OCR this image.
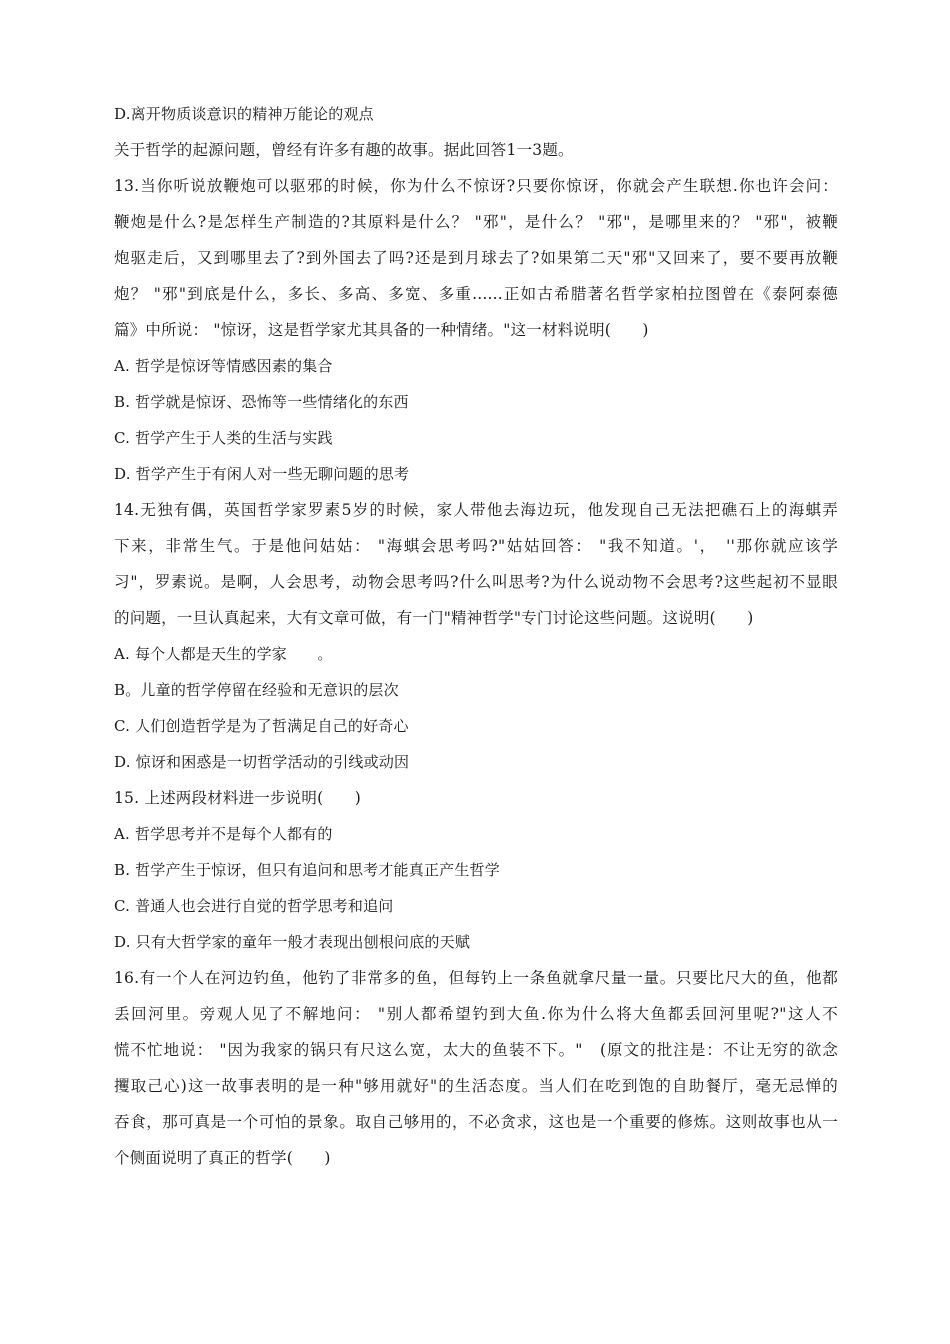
D.离开物质谈意识的精神万能论的观点
关于哲学的起源问题，曾经有许多有趣的故事。据此回答1一3题。
13.当你听说放鞭炮可以驱邪的时候，你为什么不惊讶?只要你惊讶，你就会产生联想.你也许会问：
鞭炮是什么?是怎样生产制造的?其原料是什么？ "邪"，是什么？ "邪"，是哪里来的？ "邪"，被鞭
炮驱走后，又到哪里去了?到外国去了吗?还是到月球去了?如果第二天"邪"又回来了，要不要再放鞭
炮？ "邪"到底是什么，多长、多高、多宽、多重......正如古希腊著名哲学家柏拉图曾在《泰阿泰德
篇》中所说： "惊讶，这是哲学家尤其具备的一种情绪。"这一材料说明(　　)
A. 哲学是惊讶等情感因素的集合
B. 哲学就是惊讶、恐怖等一些情绪化的东西
C. 哲学产生于人类的生活与实践
D. 哲学产生于有闲人对一些无聊问题的思考
14.无独有偶，英国哲学家罗素5岁的时候，家人带他去海边玩，他发现自己无法把礁石上的海蜞弄
下来，非常生气。于是他问姑姑： "海蜞会思考吗?"姑姑回答： "我不知道。'，　''那你就应该学
习"，罗素说。是啊，人会思考，动物会思考吗?什么叫思考?为什么说动物不会思考?这些起初不显眼
的问题，一旦认真起来，大有文章可做，有一门"精神哲学"专门讨论这些问题。这说明(　　)
A. 每个人都是天生的学家　　。
B。儿童的哲学停留在经验和无意识的层次
C. 人们创造哲学是为了哲满足自己的好奇心
D. 惊讶和困惑是一切哲学活动的引线或动因
15. 上述两段材料进一步说明(　　)
A. 哲学思考并不是每个人都有的
B. 哲学产生于惊讶，但只有追问和思考才能真正产生哲学
C. 普通人也会进行自觉的哲学思考和追问
D. 只有大哲学家的童年一般才表现出刨根问底的天赋
16.有一个人在河边钓鱼，他钓了非常多的鱼，但每钓上一条鱼就拿尺量一量。只要比尺大的鱼，他都
丢回河里。旁观人见了不解地问： "别人都希望钓到大鱼.你为什么将大鱼都丢回河里呢?"这人不
慌不忙地说： "因为我家的锅只有尺这么宽，太大的鱼装不下。"　(原文的批注是：不让无穷的欲念
攫取己心)这一故事表明的是一种"够用就好"的生活态度。当人们在吃到饱的自助餐厅，毫无忌惮的
吞食，那可真是一个可怕的景象。取自己够用的，不必贪求，这也是一个重要的修炼。这则故事也从一
个侧面说明了真正的哲学(　　)
